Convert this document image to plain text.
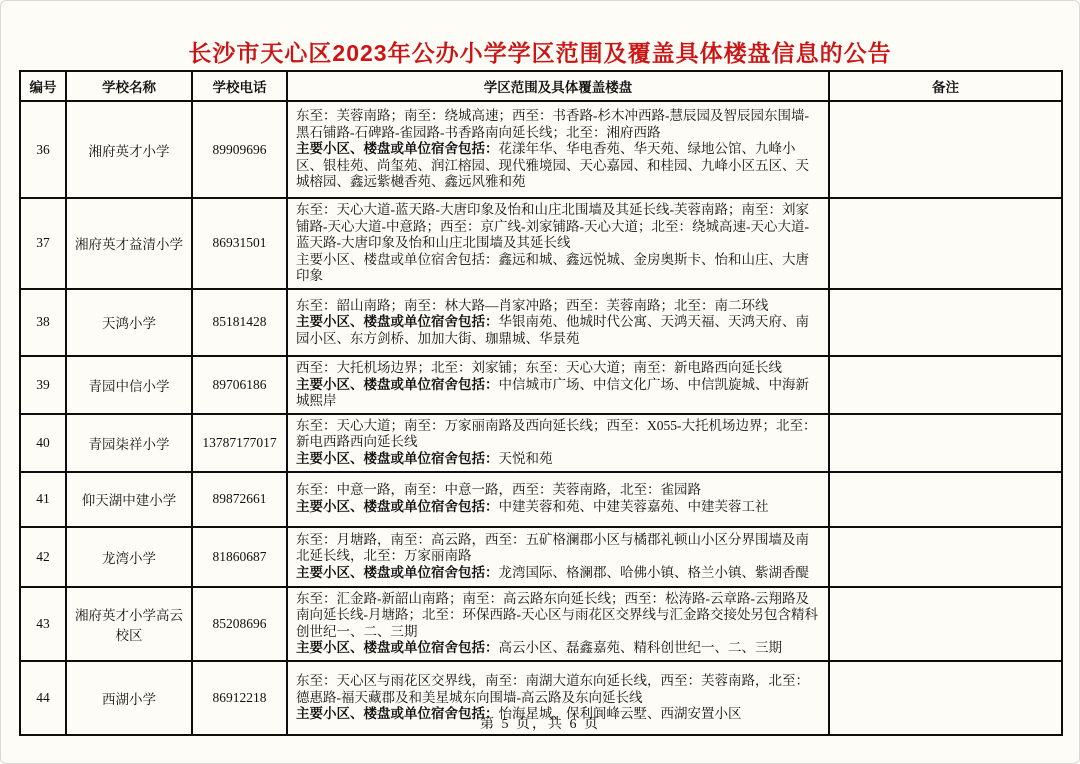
长沙市天心区2023年公办小学学区范围及覆盖具体楼盘信息的公告
编号	学校名称	学校电话	学区范围及具体覆盖楼盘	备注
36	湘府英才小学	89909696	东至：芙蓉南路；南至：绕城高速；西至：书香路-杉木冲西路-慧辰园及智辰园东围墙-黑石铺路-石碑路-雀园路-书香路南向延长线；北至：湘府西路
主要小区、楼盘或单位宿舍包括：花漾年华、华电香苑、华天苑、绿地公馆、九峰小区、银桂苑、尚玺苑、润江榕园、现代雅境园、天心嘉园、和桂园、九峰小区五区、天城榕园、鑫远紫樾香苑、鑫远风雅和苑	

37	湘府英才益清小学	86931501	东至：天心大道-蓝天路-大唐印象及怡和山庄北围墙及其延长线-芙蓉南路；南至：刘家铺路-天心大道-中意路；西至：京广线-刘家铺路-天心大道；北至：绕城高速-天心大道-蓝天路-大唐印象及怡和山庄北围墙及其延长线
主要小区、楼盘或单位宿舍包括：鑫远和城、鑫远悦城、金房奥斯卡、怡和山庄、大唐印象	

38	天鸿小学	85181428	东至：韶山南路；南至：林大路—肖家冲路；西至：芙蓉南路；北至：南二环线
主要小区、楼盘或单位宿舍包括：华银南苑、他城时代公寓、天鸿天福、天鸿天府、南园小区、东方剑桥、加加大街、珈鼎城、华景苑	

39	青园中信小学	89706186	西至：大托机场边界；北至：刘家铺；东至：天心大道；南至：新电路西向延长线
主要小区、楼盘或单位宿舍包括：中信城市广场、中信文化广场、中信凯旋城、中海新城熙岸	

40	青园柒祥小学	13787177017	东至：天心大道；南至：万家丽南路及西向延长线；西至：X055-大托机场边界；北至：新电西路西向延长线
主要小区、楼盘或单位宿舍包括：天悦和苑	

41	仰天湖中建小学	89872661	东至：中意一路，南至：中意一路，西至：芙蓉南路，北至：雀园路
主要小区、楼盘或单位宿舍包括：中建芙蓉和苑、中建芙蓉嘉苑、中建芙蓉工社	

42	龙湾小学	81860687	东至：月塘路，南至：高云路，西至：五矿格澜郡小区与橘郡礼顿山小区分界围墙及南北延长线，北至：万家丽南路
主要小区、楼盘或单位宿舍包括：龙湾国际、格澜郡、哈佛小镇、格兰小镇、紫湖香醍	

43	湘府英才小学高云校区	85208696	东至：汇金路-新韶山南路；南至：高云路东向延长线；西至：松涛路-云章路-云翔路及南向延长线-月塘路；北至：环保西路-天心区与雨花区交界线与汇金路交接处另包含精科创世纪一、二、三期
主要小区、楼盘或单位宿舍包括：高云小区、磊鑫嘉苑、精科创世纪一、二、三期	

44	西湖小学	86912218	东至：天心区与雨花区交界线，南至：南湖大道东向延长线，西至：芙蓉南路，北至：德惠路-福天藏郡及和美星城东向围墙-高云路及东向延长线
主要小区、楼盘或单位宿舍包括：怡海星城、保利阆峰云墅、西湖安置小区	

第 5 页，共 6 页
